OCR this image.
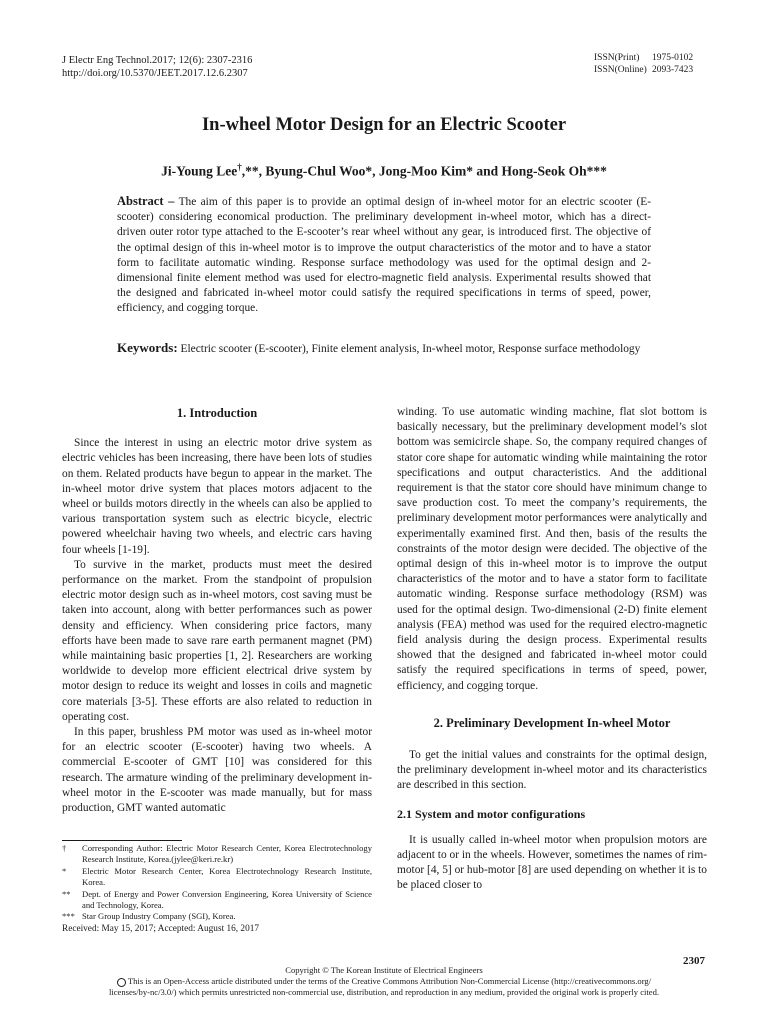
J Electr Eng Technol.2017; 12(6): 2307-2316
http://doi.org/10.5370/JEET.2017.12.6.2307
ISSN(Print)	1975-0102
ISSN(Online) 2093-7423
In-wheel Motor Design for an Electric Scooter
Ji-Young Lee†,**, Byung-Chul Woo*, Jong-Moo Kim* and Hong-Seok Oh***
Abstract – The aim of this paper is to provide an optimal design of in-wheel motor for an electric scooter (E-scooter) considering economical production. The preliminary development in-wheel motor, which has a direct-driven outer rotor type attached to the E-scooter’s rear wheel without any gear, is introduced first. The objective of the optimal design of this in-wheel motor is to improve the output characteristics of the motor and to have a stator form to facilitate automatic winding. Response surface methodology was used for the optimal design and 2-dimensional finite element method was used for electro-magnetic field analysis. Experimental results showed that the designed and fabricated in-wheel motor could satisfy the required specifications in terms of speed, power, efficiency, and cogging torque.
Keywords: Electric scooter (E-scooter), Finite element analysis, In-wheel motor, Response surface methodology
1. Introduction

Since the interest in using an electric motor drive system as electric vehicles has been increasing, there have been lots of studies on them. Related products have begun to appear in the market. The in-wheel motor drive system that places motors adjacent to the wheel or builds motors directly in the wheels can also be applied to various transportation system such as electric bicycle, electric powered wheelchair having two wheels, and electric cars having four wheels [1-19].

To survive in the market, products must meet the desired performance on the market. From the standpoint of propulsion electric motor design such as in-wheel motors, cost saving must be taken into account, along with better performances such as power density and efficiency. When considering price factors, many efforts have been made to save rare earth permanent magnet (PM) while maintaining basic properties [1, 2]. Researchers are working worldwide to develop more efficient electrical drive system by motor design to reduce its weight and losses in coils and magnetic core materials [3-5]. These efforts are also related to reduction in operating cost.

In this paper, brushless PM motor was used as in-wheel motor for an electric scooter (E-scooter) having two wheels. A commercial E-scooter of GMT [10] was considered for this research. The armature winding of the preliminary development in-wheel motor in the E-scooter was made manually, but for mass production, GMT wanted automatic

winding. To use automatic winding machine, flat slot bottom is basically necessary, but the preliminary development model’s slot bottom was semicircle shape. So, the company required changes of stator core shape for automatic winding while maintaining the rotor specifications and output characteristics. And the additional requirement is that the stator core should have minimum change to save production cost. To meet the company’s requirements, the preliminary development motor performances were analytically and experimentally examined first. And then, basis of the results the constraints of the motor design were decided. The objective of the optimal design of this in-wheel motor is to improve the output characteristics of the motor and to have a stator form to facilitate automatic winding. Response surface methodology (RSM) was used for the optimal design. Two-dimensional (2-D) finite element analysis (FEA) method was used for the required electro-magnetic field analysis during the design process. Experimental results showed that the designed and fabricated in-wheel motor could satisfy the required specifications in terms of speed, power, efficiency, and cogging torque.

2. Preliminary Development In-wheel Motor

To get the initial values and constraints for the optimal design, the preliminary development in-wheel motor and its characteristics are described in this section.

2.1 System and motor configurations

It is usually called in-wheel motor when propulsion motors are adjacent to or in the wheels. However, sometimes the names of rim-motor [4, 5] or hub-motor [8] are used depending on whether it is to be placed closer to

†	Corresponding Author: Electric Motor Research Center, Korea Electrotechnology Research Institute, Korea.(jylee@keri.re.kr)
*	Electric Motor Research Center, Korea Electrotechnology Research Institute, Korea.
**	Dept. of Energy and Power Conversion Engineering, Korea University of Science and Technology, Korea.
*** Star Group Industry Company (SGI), Korea.
Received: May 15, 2017; Accepted: August 16, 2017
2307
Copyright © The Korean Institute of Electrical Engineers
This is an Open-Access article distributed under the terms of the Creative Commons Attribution Non-Commercial License (http://creativecommons.org/
licenses/by-nc/3.0/) which permits unrestricted non-commercial use, distribution, and reproduction in any medium, provided the original work is properly cited.
